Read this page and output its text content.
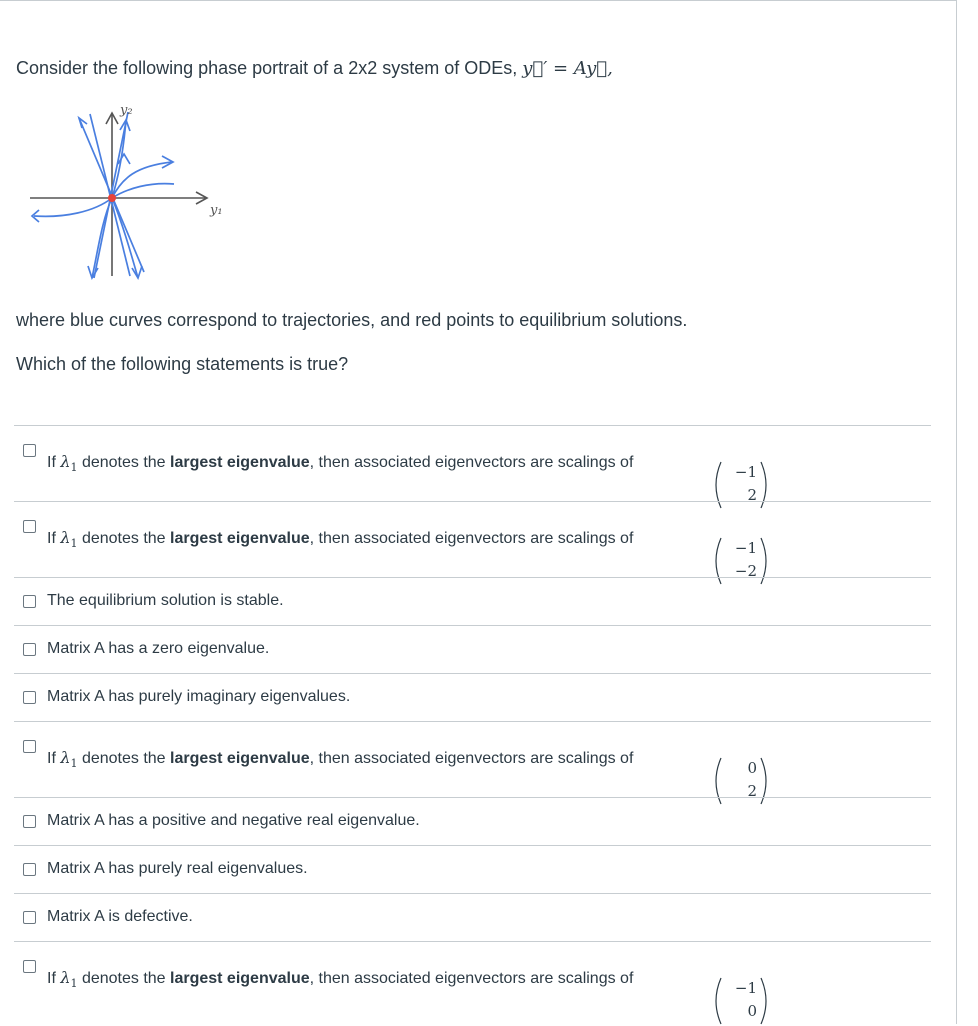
Consider the following phase portrait of a 2x2 system of ODEs, y⃗′ = Ay⃗,
y₁
y₂
where blue curves correspond to trajectories, and red points to equilibrium solutions.
Which of the following statements is true?
If $\lambda_1$ denotes the largest eigenvalue, then associated eigenvectors are scalings of
−1
2
If $\lambda_1$ denotes the largest eigenvalue, then associated eigenvectors are scalings of
−1
−2
The equilibrium solution is stable.
Matrix A has a zero eigenvalue.
Matrix A has purely imaginary eigenvalues.
If $\lambda_1$ denotes the largest eigenvalue, then associated eigenvectors are scalings of
0
2
Matrix A has a positive and negative real eigenvalue.
Matrix A has purely real eigenvalues.
Matrix A is defective.
If $\lambda_1$ denotes the largest eigenvalue, then associated eigenvectors are scalings of
−1
0
